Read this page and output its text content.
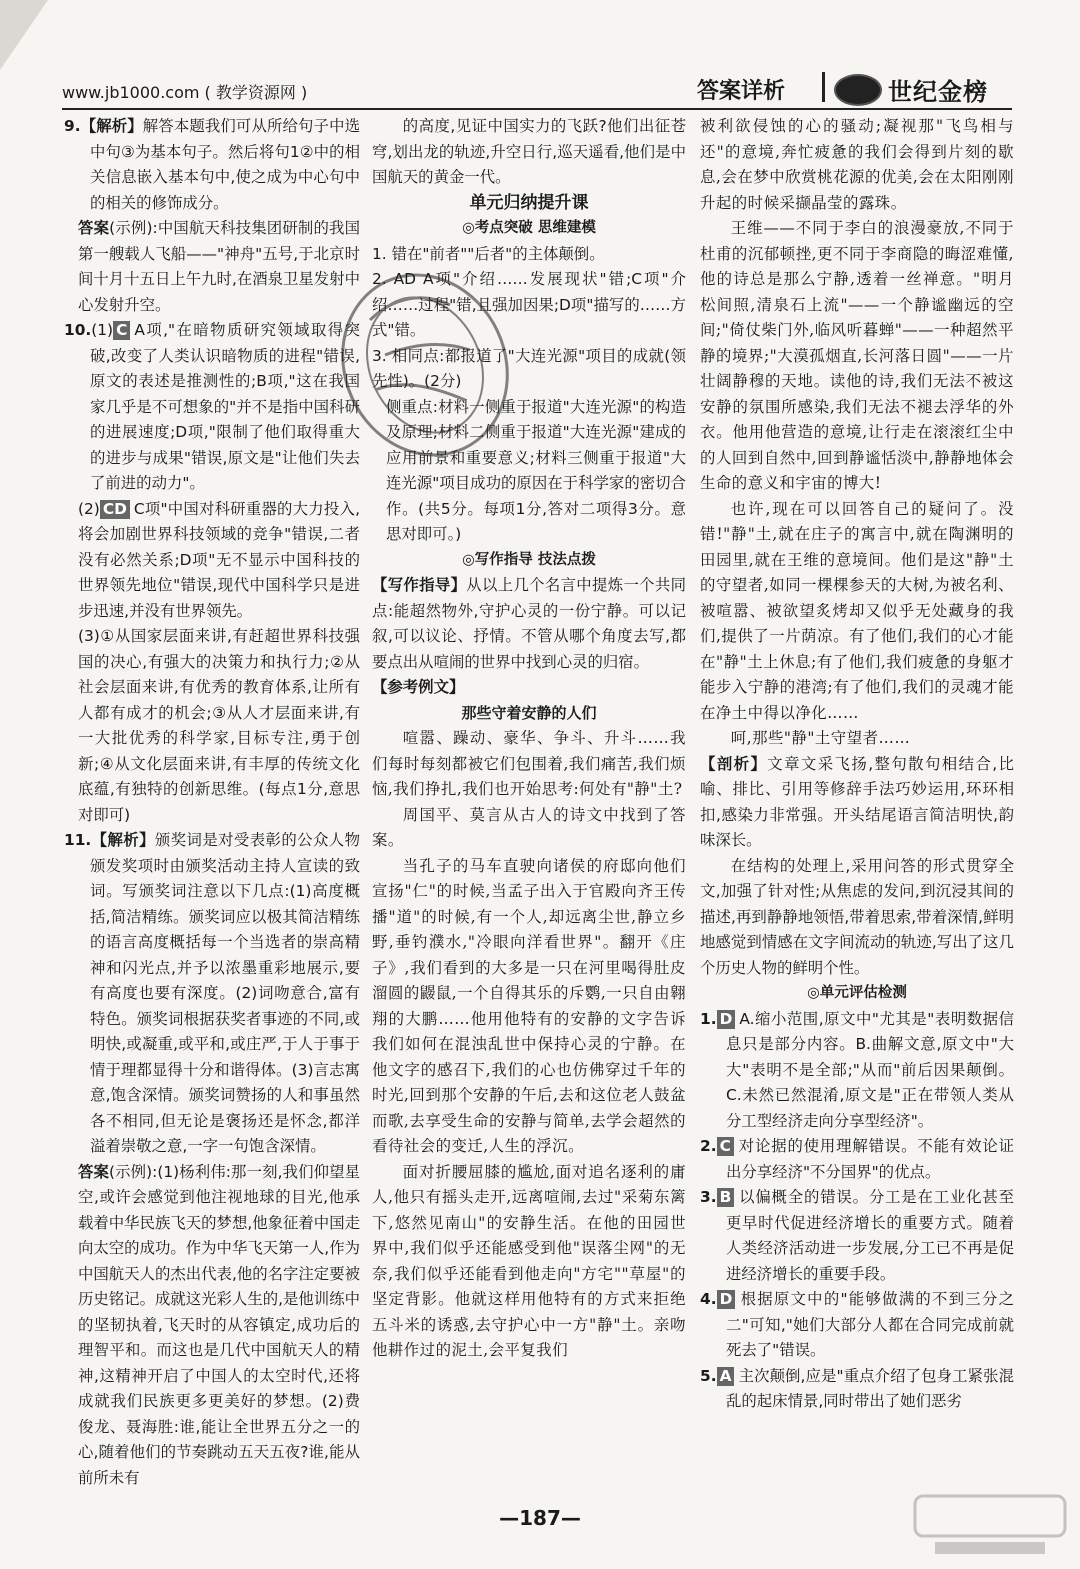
www.jb1000.com ( 教学资源网 )	答案详析	世纪金榜

9.【解析】解答本题我们可从所给句子中选中句③为基本句子。然后将句1②中的相关信息嵌入基本句中,使之成为中心句中的相关的修饰成分。

答案(示例):中国航天科技集团研制的我国第一艘载人飞船——"神舟"五号,于北京时间十月十五日上午九时,在酒泉卫星发射中心发射升空。

10.(1) C A项,"在暗物质研究领域取得突破,改变了人类认识暗物质的进程"错误,原文的表述是推测性的;B项,"这在我国家几乎是不可想象的"并不是指中国科研的进展速度;D项,"限制了他们取得重大的进步与成果"错误,原文是"让他们失去了前进的动力"。

(2) CD C项"中国对科研重器的大力投入,将会加剧世界科技领域的竞争"错误,二者没有必然关系;D项"无不显示中国科技的世界领先地位"错误,现代中国科学只是进步迅速,并没有世界领先。

(3)①从国家层面来讲,有赶超世界科技强国的决心,有强大的决策力和执行力;②从社会层面来讲,有优秀的教育体系,让所有人都有成才的机会;③从人才层面来讲,有一大批优秀的科学家,目标专注,勇于创新;④从文化层面来讲,有丰厚的传统文化底蕴,有独特的创新思维。(每点1分,意思对即可)

11.【解析】颁奖词是对受表彰的公众人物颁发奖项时由颁奖活动主持人宣读的致词。写颁奖词注意以下几点:(1)高度概括,简洁精练。颁奖词应以极其简洁精练的语言高度概括每一个当选者的崇高精神和闪光点,并予以浓墨重彩地展示,要有高度也要有深度。(2)词吻意合,富有特色。颁奖词根据获奖者事迹的不同,或明快,或凝重,或平和,或庄严,于人于事于情于理都显得十分和谐得体。(3)言志寓意,饱含深情。颁奖词赞扬的人和事虽然各不相同,但无论是褒扬还是怀念,都洋溢着崇敬之意,一字一句饱含深情。

答案(示例):(1)杨利伟:那一刻,我们仰望星空,或许会感觉到他注视地球的目光,他承载着中华民族飞天的梦想,他象征着中国走向太空的成功。作为中华飞天第一人,作为中国航天人的杰出代表,他的名字注定要被历史铭记。成就这光彩人生的,是他训练中的坚韧执着,飞天时的从容镇定,成功后的理智平和。而这也是几代中国航天人的精神,这精神开启了中国人的太空时代,还将成就我们民族更多更美好的梦想。(2)费俊龙、聂海胜:谁,能让全世界五分之一的心,随着他们的节奏跳动五天五夜?谁,能从前所未有

的高度,见证中国实力的飞跃?他们出征苍穹,划出龙的轨迹,升空日行,巡天遥看,他们是中国航天的黄金一代。

单元归纳提升课

◎考点突破 思维建模

1. 错在"前者""后者"的主体颠倒。

2. AD A项"介绍……发展现状"错;C项"介绍……过程"错,且强加因果;D项"描写的……方式"错。

3. 相同点:都报道了"大连光源"项目的成就(领先性)。(2分)

侧重点:材料一侧重于报道"大连光源"的构造及原理;材料二侧重于报道"大连光源"建成的应用前景和重要意义;材料三侧重于报道"大连光源"项目成功的原因在于科学家的密切合作。(共5分。每项1分,答对二项得3分。意思对即可。)

◎写作指导 技法点拨

【写作指导】从以上几个名言中提炼一个共同点:能超然物外,守护心灵的一份宁静。可以记叙,可以议论、抒情。不管从哪个角度去写,都要点出从喧闹的世界中找到心灵的归宿。

【参考例文】

那些守着安静的人们

喧嚣、躁动、豪华、争斗、升斗……我们每时每刻都被它们包围着,我们痛苦,我们烦恼,我们挣扎,我们也开始思考:何处有"静"土?

周国平、莫言从古人的诗文中找到了答案。

当孔子的马车直驶向诸侯的府邸向他们宣扬"仁"的时候,当孟子出入于官殿向齐王传播"道"的时候,有一个人,却远离尘世,静立乡野,垂钓濮水,"冷眼向洋看世界"。翻开《庄子》,我们看到的大多是一只在河里喝得肚皮溜圆的鼹鼠,一个自得其乐的斥鹦,一只自由翱翔的大鹏……他用他特有的安静的文字告诉我们如何在混浊乱世中保持心灵的宁静。在他文字的感召下,我们的心也仿佛穿过千年的时光,回到那个安静的午后,去和这位老人鼓盆而歌,去享受生命的安静与简单,去学会超然的看待社会的变迁,人生的浮沉。

面对折腰屈膝的尴尬,面对追名逐利的庸人,他只有摇头走开,远离喧闹,去过"采菊东篱下,悠然见南山"的安静生活。在他的田园世界中,我们似乎还能感受到他"误落尘网"的无奈,我们似乎还能看到他走向"方宅""草屋"的坚定背影。他就这样用他特有的方式来拒绝五斗米的诱惑,去守护心中一方"静"土。亲吻他耕作过的泥土,会平复我们

被利欲侵蚀的心的骚动;凝视那"飞鸟相与还"的意境,奔忙疲惫的我们会得到片刻的歇息,会在梦中欣赏桃花源的优美,会在太阳刚刚升起的时候采撷晶莹的露珠。

王维——不同于李白的浪漫豪放,不同于杜甫的沉郁顿挫,更不同于李商隐的晦涩难懂,他的诗总是那么宁静,透着一丝禅意。"明月松间照,清泉石上流"——一个静谧幽远的空间;"倚仗柴门外,临风听暮蝉"——一种超然平静的境界;"大漠孤烟直,长河落日圆"——一片壮阔静穆的天地。读他的诗,我们无法不被这安静的氛围所感染,我们无法不褪去浮华的外衣。他用他营造的意境,让行走在滚滚红尘中的人回到自然中,回到静谧恬淡中,静静地体会生命的意义和宇宙的博大!

也许,现在可以回答自己的疑问了。没错!"静"土,就在庄子的寓言中,就在陶渊明的田园里,就在王维的意境间。他们是这"静"土的守望者,如同一棵棵参天的大树,为被名利、被喧嚣、被欲望炙烤却又似乎无处藏身的我们,提供了一片荫凉。有了他们,我们的心才能在"静"土上休息;有了他们,我们疲惫的身躯才能步入宁静的港湾;有了他们,我们的灵魂才能在净土中得以净化……

呵,那些"静"土守望者……

【剖析】文章文采飞扬,整句散句相结合,比喻、排比、引用等修辞手法巧妙运用,环环相扣,感染力非常强。开头结尾语言简洁明快,韵味深长。

在结构的处理上,采用问答的形式贯穿全文,加强了针对性;从焦虑的发问,到沉浸其间的描述,再到静静地领悟,带着思索,带着深情,鲜明地感觉到情感在文字间流动的轨迹,写出了这几个历史人物的鲜明个性。

◎单元评估检测

1. D A.缩小范围,原文中"尤其是"表明数据信息只是部分内容。B.曲解文意,原文中"大大"表明不是全部;"从而"前后因果颠倒。C.未然已然混淆,原文是"正在带领人类从分工型经济走向分享型经济"。

2. C 对论据的使用理解错误。不能有效论证出分享经济"不分国界"的优点。

3. B 以偏概全的错误。分工是在工业化甚至更早时代促进经济增长的重要方式。随着人类经济活动进一步发展,分工已不再是促进经济增长的重要手段。

4. D 根据原文中的"能够做满的不到三分之二"可知,"她们大部分人都在合同完成前就死去了"错误。

5. A 主次颠倒,应是"重点介绍了包身工紧张混乱的起床情景,同时带出了她们恶劣

—187—
